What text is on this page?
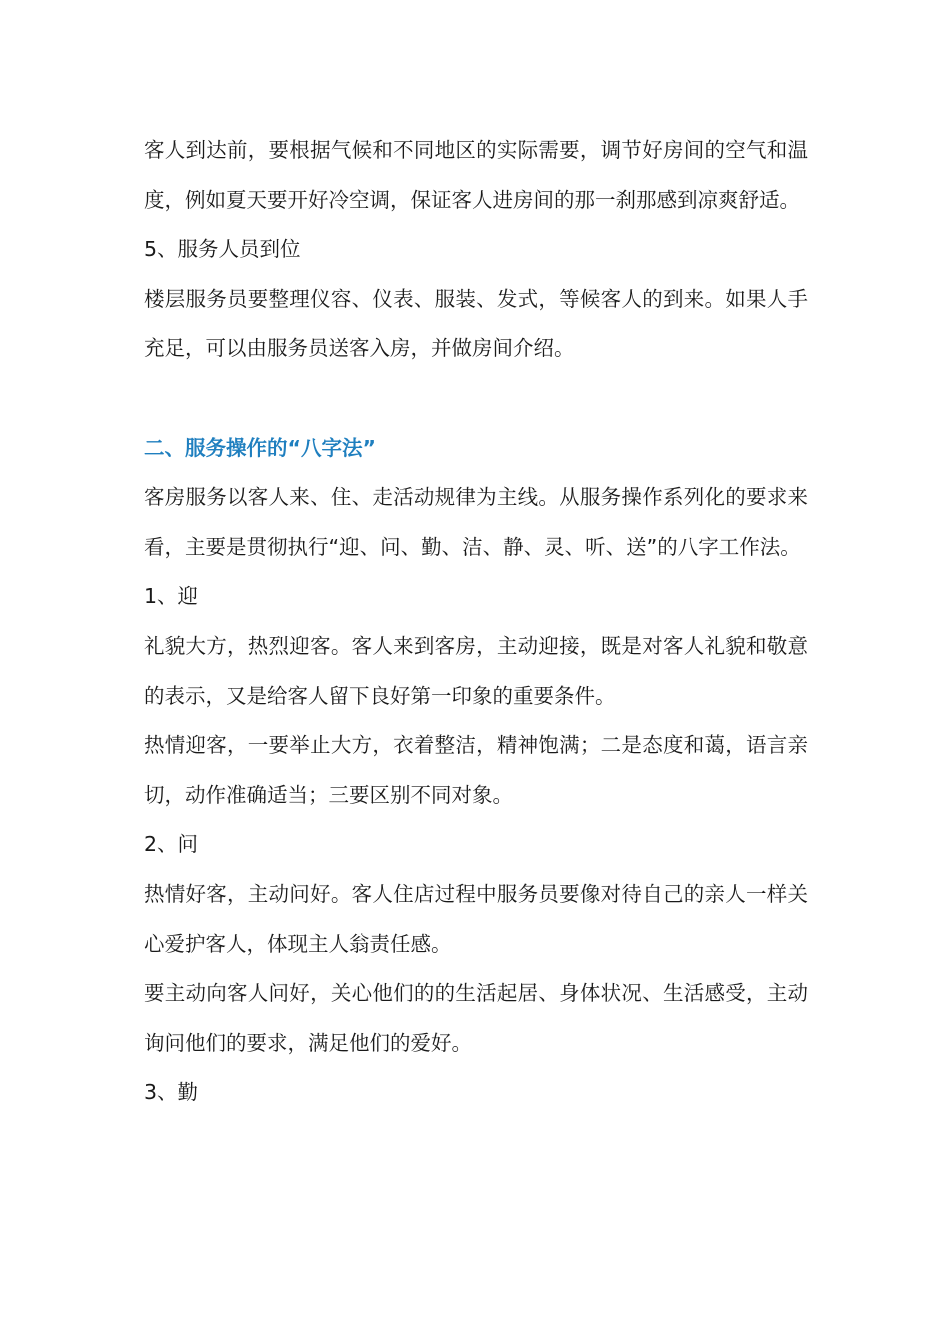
客人到达前，要根据气候和不同地区的实际需要，调节好房间的空气和温度，例如夏天要开好冷空调，保证客人进房间的那一刹那感到凉爽舒适。

5、服务人员到位

楼层服务员要整理仪容、仪表、服装、发式，等候客人的到来。如果人手充足，可以由服务员送客入房，并做房间介绍。

二、服务操作的“八字法”

客房服务以客人来、住、走活动规律为主线。从服务操作系列化的要求来看，主要是贯彻执行“迎、问、勤、洁、静、灵、听、送”的八字工作法。

1、迎

礼貌大方，热烈迎客。客人来到客房，主动迎接，既是对客人礼貌和敬意的表示，又是给客人留下良好第一印象的重要条件。

热情迎客，一要举止大方，衣着整洁，精神饱满；二是态度和蔼，语言亲切，动作准确适当；三要区别不同对象。

2、问

热情好客，主动问好。客人住店过程中服务员要像对待自己的亲人一样关心爱护客人，体现主人翁责任感。

要主动向客人问好，关心他们的的生活起居、身体状况、生活感受，主动询问他们的要求，满足他们的爱好。

3、勤
